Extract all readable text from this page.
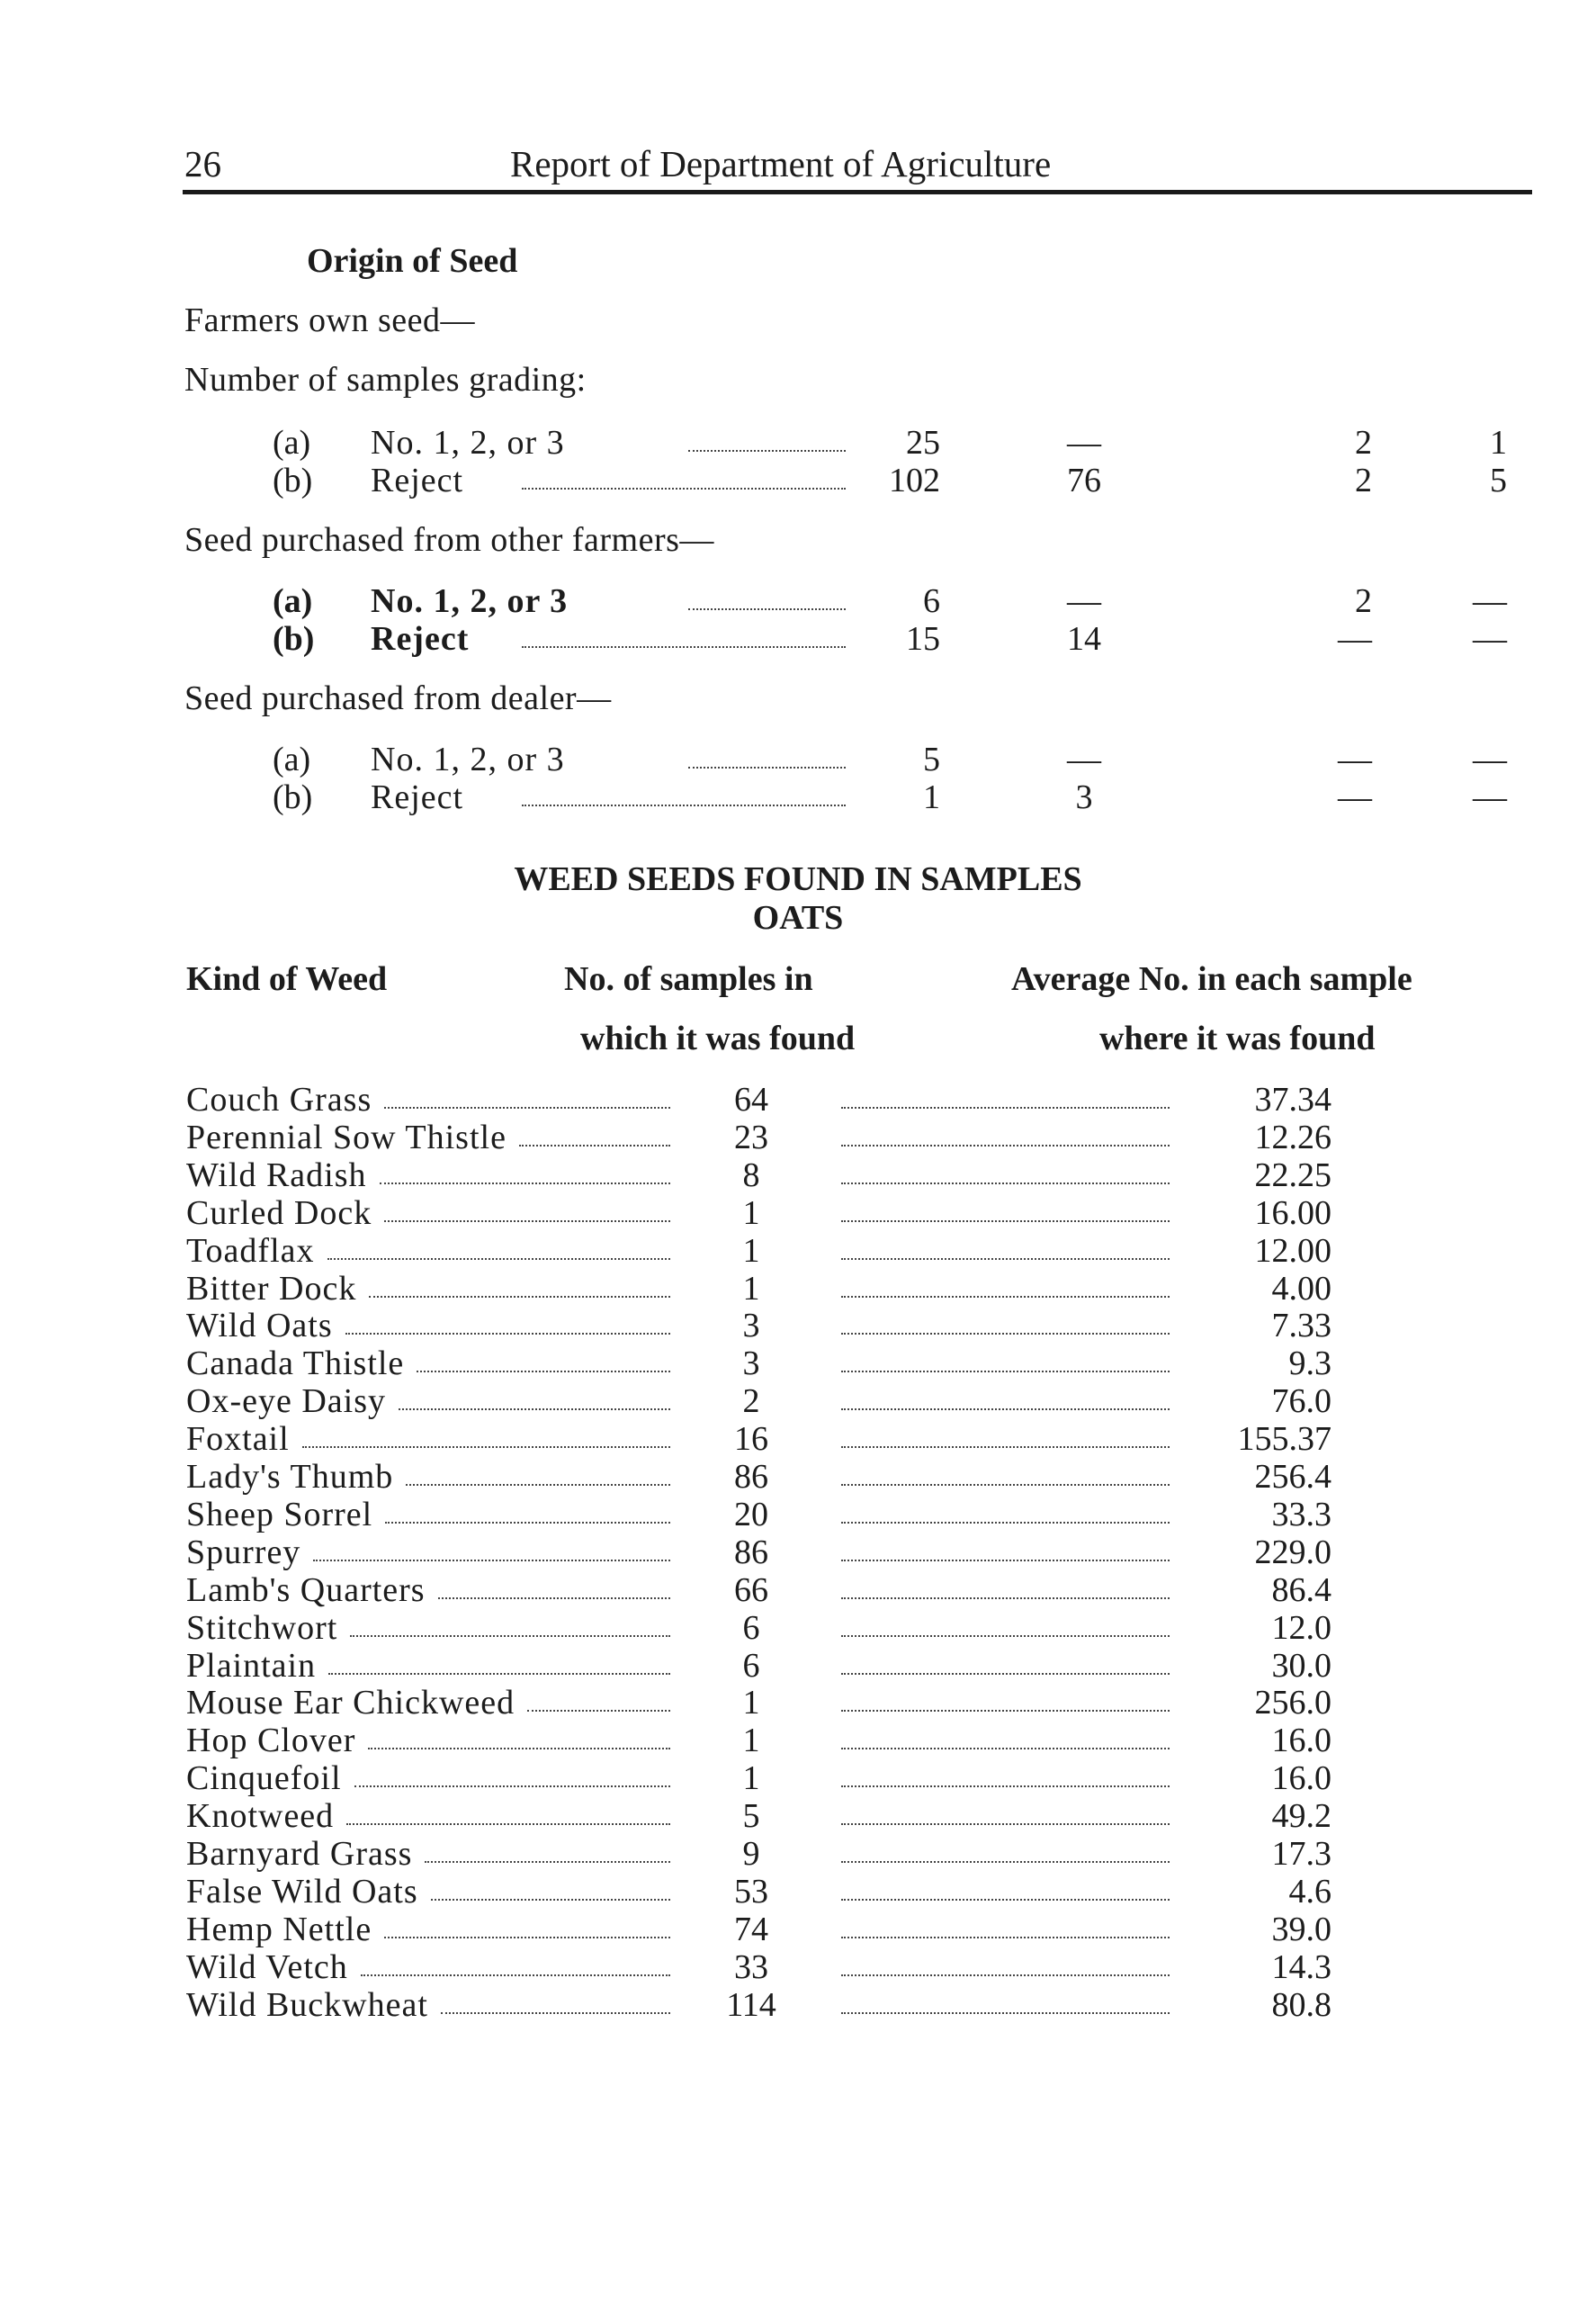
26	Report of Department of Agriculture
Origin of Seed
Farmers own seed—
Number of samples grading:
(a)	No. 1, 2, or 3	25	—	2	1
(b)	Reject	102	76	2	5
Seed purchased from other farmers—
(a)	No. 1, 2, or 3	6	—	2	—
(b)	Reject	15	14	—	—
Seed purchased from dealer—
(a)	No. 1, 2, or 3	5	—	—	—
(b)	Reject	1	3	—	—
WEED SEEDS FOUND IN SAMPLES
OATS
Kind of Weed	No. of samples in
which it was found
Average No. in each sample
where it was found
Couch Grass	64	37.34
Perennial Sow Thistle	23	12.26
Wild Radish	8	22.25
Curled Dock	1	16.00
Toadflax	1	12.00
Bitter Dock	1	4.00
Wild Oats	3	7.33
Canada Thistle	3	9.3
Ox-eye Daisy	2	76.0
Foxtail	16	155.37
Lady's Thumb	86	256.4
Sheep Sorrel	20	33.3
Spurrey	86	229.0
Lamb's Quarters	66	86.4
Stitchwort	6	12.0
Plaintain	6	30.0
Mouse Ear Chickweed	1	256.0
Hop Clover	1	16.0
Cinquefoil	1	16.0
Knotweed	5	49.2
Barnyard Grass	9	17.3
False Wild Oats	53	4.6
Hemp Nettle	74	39.0
Wild Vetch	33	14.3
Wild Buckwheat	114	80.8
